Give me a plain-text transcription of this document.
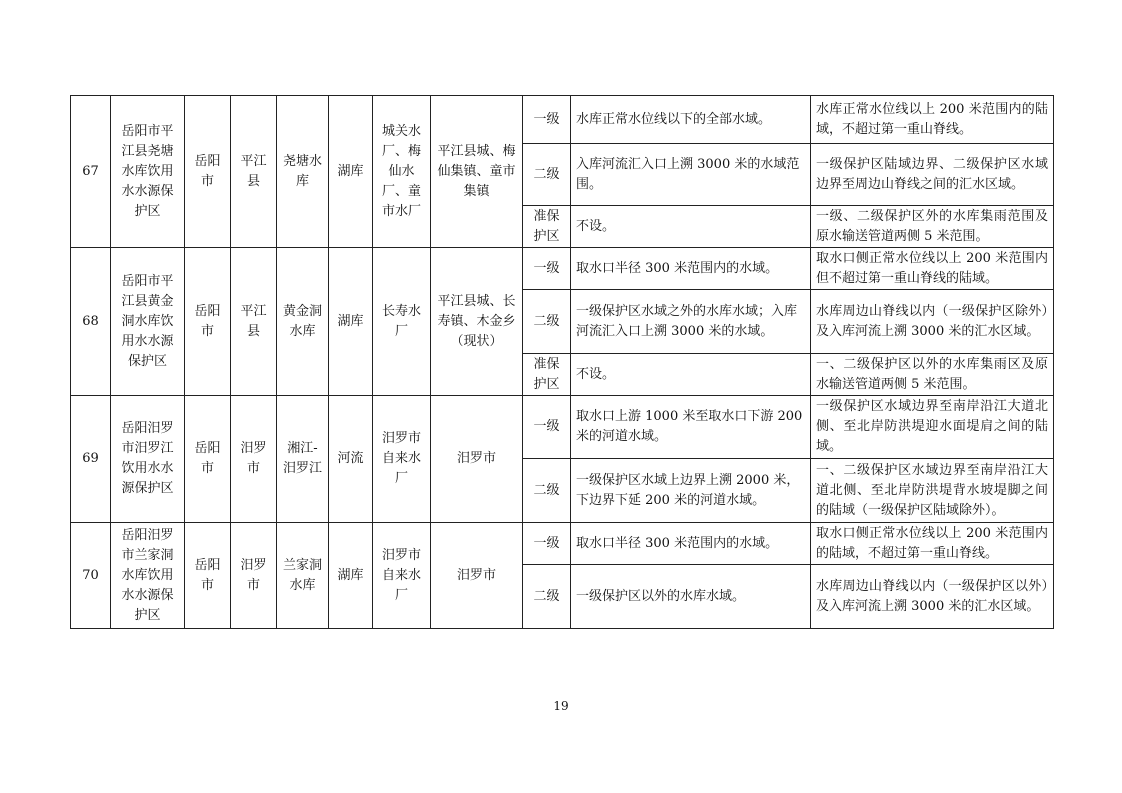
67	岳阳市平江县尧塘水库饮用水水源保护区	岳阳市	平江县	尧塘水库	湖库	城关水厂、梅仙水厂、童市水厂	平江县城、梅仙集镇、童市集镇	一级	水库正常水位线以下的全部水域。	水库正常水位线以上 200 米范围内的陆域，不超过第一重山脊线。
								二级	入库河流汇入口上溯 3000 米的水域范围。	一级保护区陆域边界、二级保护区水域边界至周边山脊线之间的汇水区域。
								准保护区	不设。	一级、二级保护区外的水库集雨范围及原水输送管道两侧 5 米范围。
68	岳阳市平江县黄金洞水库饮用水水源保护区	岳阳市	平江县	黄金洞水库	湖库	长寿水厂	平江县城、长寿镇、木金乡（现状）	一级	取水口半径 300 米范围内的水域。	取水口侧正常水位线以上 200 米范围内但不超过第一重山脊线的陆域。
								二级	一级保护区水域之外的水库水域；入库河流汇入口上溯 3000 米的水域。	水库周边山脊线以内（一级保护区除外）及入库河流上溯 3000 米的汇水区域。
								准保护区	不设。	一、二级保护区以外的水库集雨区及原水输送管道两侧 5 米范围。
69	岳阳汨罗市汨罗江饮用水水源保护区	岳阳市	汨罗市	湘江-汨罗江	河流	汨罗市自来水厂	汨罗市	一级	取水口上游 1000 米至取水口下游 200 米的河道水域。	一级保护区水域边界至南岸沿江大道北侧、至北岸防洪堤迎水面堤肩之间的陆域。
								二级	一级保护区水域上边界上溯 2000 米，下边界下延 200 米的河道水域。	一、二级保护区水域边界至南岸沿江大道北侧、至北岸防洪堤背水坡堤脚之间的陆域（一级保护区陆域除外）。
70	岳阳汨罗市兰家洞水库饮用水水源保护区	岳阳市	汨罗市	兰家洞水库	湖库	汨罗市自来水厂	汨罗市	一级	取水口半径 300 米范围内的水域。	取水口侧正常水位线以上 200 米范围内的陆域，不超过第一重山脊线。
								二级	一级保护区以外的水库水域。	水库周边山脊线以内（一级保护区以外）及入库河流上溯 3000 米的汇水区域。
19
